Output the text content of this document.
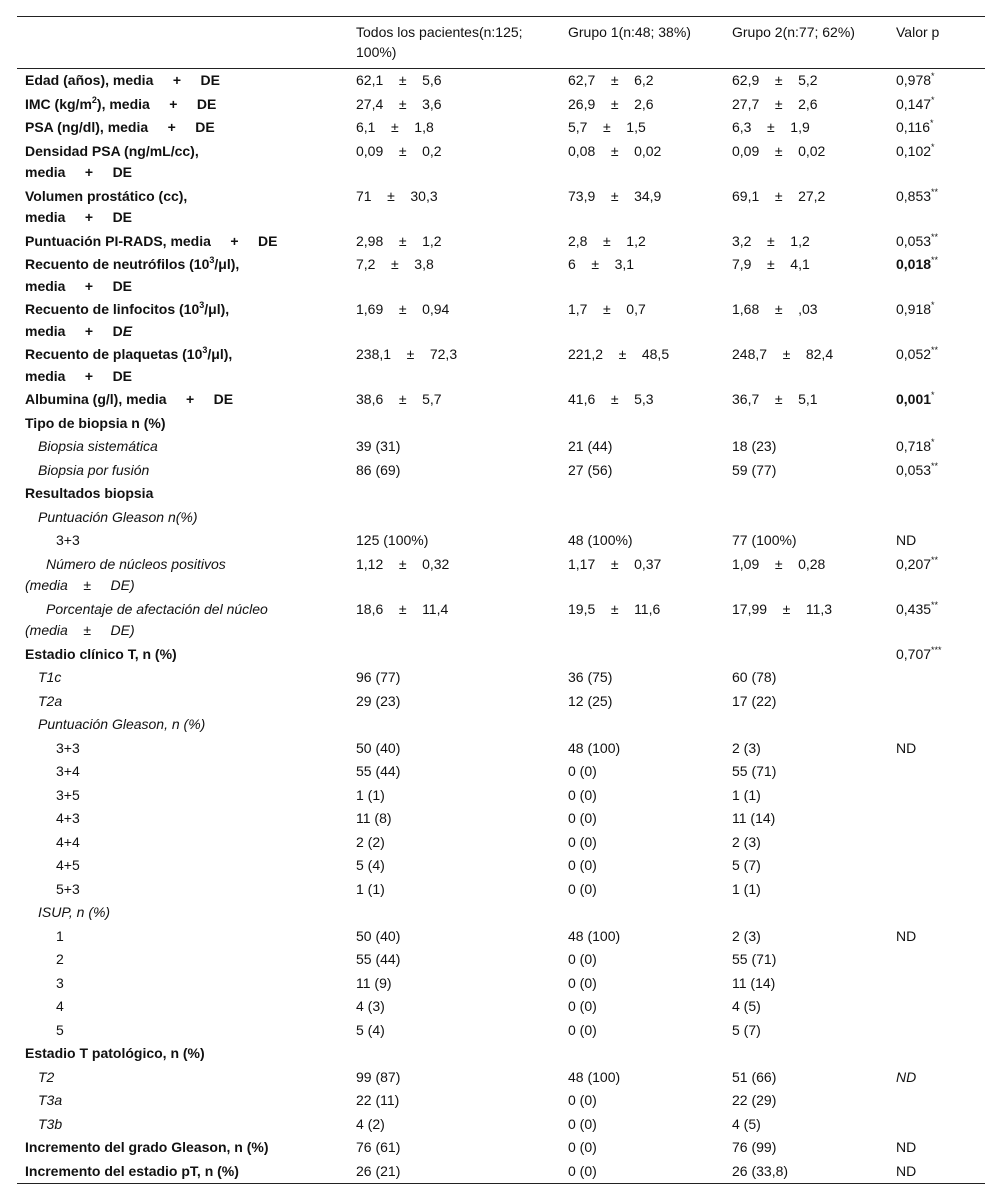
	Todos los pacientes(n:125; 100%)	Grupo 1(n:48; 38%)	Grupo 2(n:77; 62%)	Valor p
Edad (años), media + DE	62,1 ± 5,6	62,7 ± 6,2	62,9 ± 5,2	0,978*
IMC $(kg/m^2)$, media + DE	27,4 ± 3,6	26,9 ± 2,6	27,7 ± 2,6	0,147*
PSA (ng/dl), media + DE	6,1 ± 1,8	5,7 ± 1,5	6,3 ± 1,9	0,116*
Densidad PSA (ng/mL/cc),
media + DE	0,09 ± 0,2	0,08 ± 0,02	0,09 ± 0,02	0,102*
Volumen prostático (cc),
media + DE	71 ± 30,3	73,9 ± 34,9	69,1 ± 27,2	0,853**
Puntuación PI-RADS, media + DE	2,98 ± 1,2	2,8 ± 1,2	3,2 ± 1,2	0,053**
Recuento de neutrófilos $(10^3/\mu l)$,
media + DE	7,2 ± 3,8	6 ± 3,1	7,9 ± 4,1	0,018**
Recuento de linfocitos $(10^3/\mu l)$,
media + DE	1,69 ± 0,94	1,7 ± 0,7	1,68 ± ,03	0,918*
Recuento de plaquetas $(10^3/\mu l)$,
media + DE	238,1 ± 72,3	221,2 ± 48,5	248,7 ± 82,4	0,052**
Albumina (g/l), media + DE	38,6 ± 5,7	41,6 ± 5,3	36,7 ± 5,1	0,001*
Tipo de biopsia n (%)				
Biopsia sistemática	39 (31)	21 (44)	18 (23)	0,718*
Biopsia por fusión	86 (69)	27 (56)	59 (77)	0,053**
Resultados biopsia				
Puntuación Gleason n(%)				
3+3	125 (100%)	48 (100%)	77 (100%)	ND
Número de núcleos positivos
(media ± DE)	1,12 ± 0,32	1,17 ± 0,37	1,09 ± 0,28	0,207**
Porcentaje de afectación del núcleo
(media ± DE)	18,6 ± 11,4	19,5 ± 11,6	17,99 ± 11,3	0,435**
Estadio clínico T, n (%)				0,707***
T1c	96 (77)	36 (75)	60 (78)	
T2a	29 (23)	12 (25)	17 (22)	
Puntuación Gleason, n (%)				
3+3	50 (40)	48 (100)	2 (3)	ND
3+4	55 (44)	0 (0)	55 (71)	
3+5	1 (1)	0 (0)	1 (1)	
4+3	11 (8)	0 (0)	11 (14)	
4+4	2 (2)	0 (0)	2 (3)	
4+5	5 (4)	0 (0)	5 (7)	
5+3	1 (1)	0 (0)	1 (1)	
ISUP, n (%)				
1	50 (40)	48 (100)	2 (3)	ND
2	55 (44)	0 (0)	55 (71)	
3	11 (9)	0 (0)	11 (14)	
4	4 (3)	0 (0)	4 (5)	
5	5 (4)	0 (0)	5 (7)	
Estadio T patológico, n (%)				
T2	99 (87)	48 (100)	51 (66)	ND
T3a	22 (11)	0 (0)	22 (29)	
T3b	4 (2)	0 (0)	4 (5)	
Incremento del grado Gleason, n (%)	76 (61)	0 (0)	76 (99)	ND
Incremento del estadio pT, n (%)	26 (21)	0 (0)	26 (33,8)	ND
